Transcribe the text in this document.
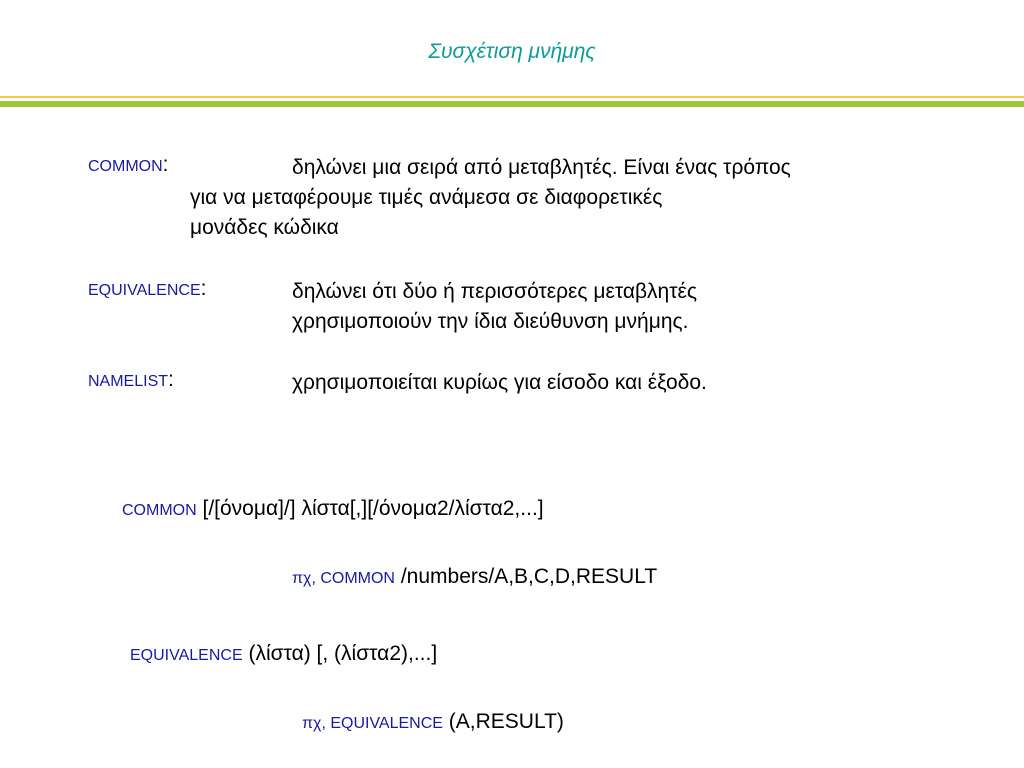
Συσχέτιση μνήμης
COMMON:	δηλώνει μια σειρά από μεταβλητές. Είναι ένας τρόπος
για να μεταφέρουμε τιμές ανάμεσα σε διαφορετικές
μονάδες κώδικα
EQUIVALENCE:	δηλώνει ότι δύο ή περισσότερες μεταβλητές
χρησιμοποιούν την ίδια διεύθυνση μνήμης.
NAMELIST:	χρησιμοποιείται κυρίως για είσοδο και έξοδο.
COMMON [/[όνομα]/] λίστα[,][/όνομα2/λίστα2,...]
πχ, COMMON /numbers/A,B,C,D,RESULT
EQUIVALENCE (λίστα) [, (λίστα2),...]
πχ, EQUIVALENCE (A,RESULT)
